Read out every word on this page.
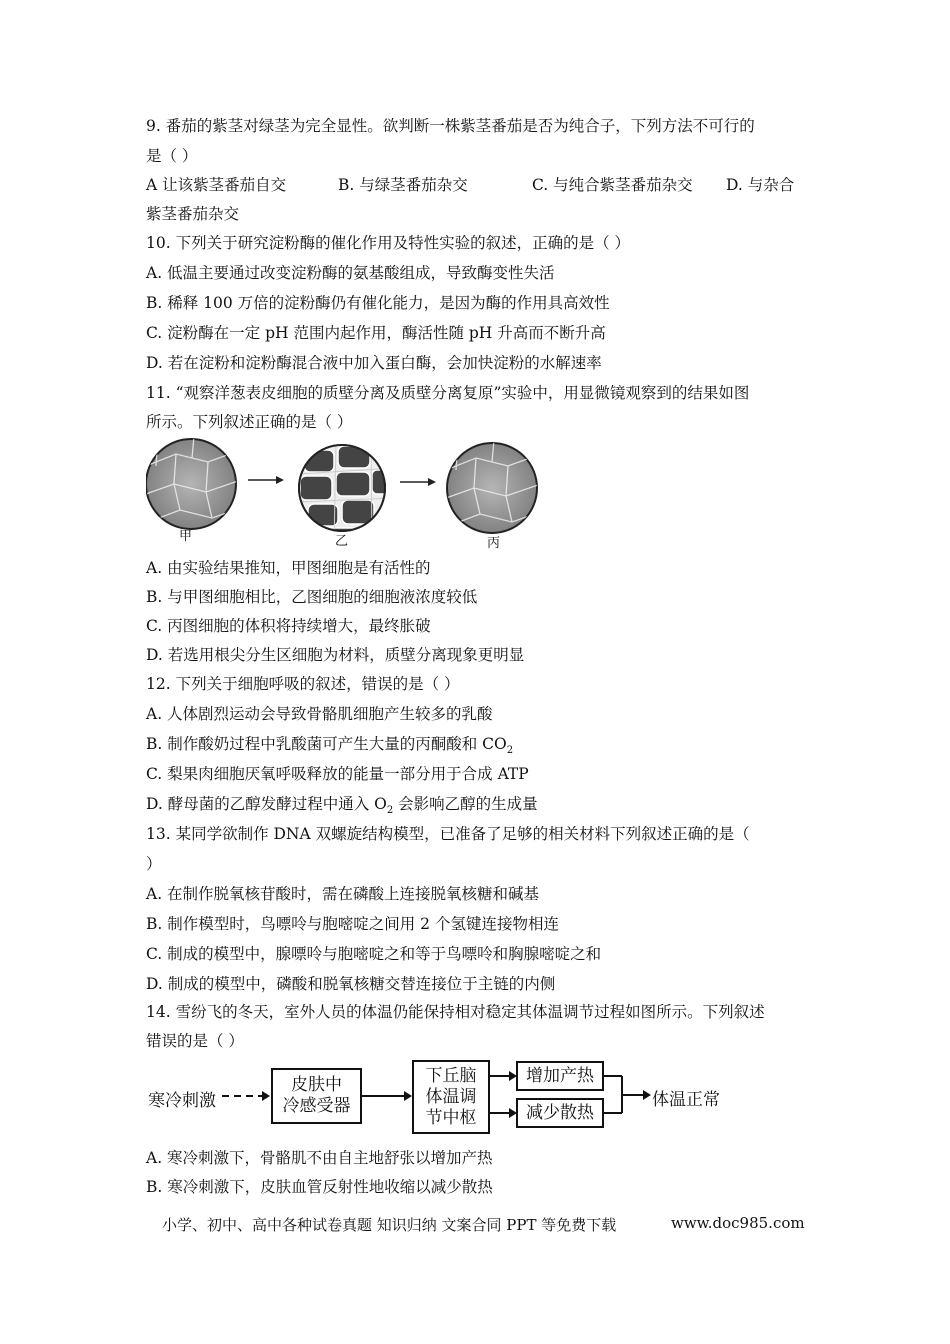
9. 番茄的紫茎对绿茎为完全显性。欲判断一株紫茎番茄是否为纯合子，下列方法不可行的
是（ ）
A 让该紫茎番茄自交	B. 与绿茎番茄杂交	C. 与纯合紫茎番茄杂交 D. 与杂合
紫茎番茄杂交
10. 下列关于研究淀粉酶的催化作用及特性实验的叙述，正确的是（ ）
A. 低温主要通过改变淀粉酶的氨基酸组成，导致酶变性失活
B. 稀释 100 万倍的淀粉酶仍有催化能力，是因为酶的作用具高效性
C. 淀粉酶在一定 pH 范围内起作用，酶活性随 pH 升高而不断升高
D. 若在淀粉和淀粉酶混合液中加入蛋白酶，会加快淀粉的水解速率
11. “观察洋葱表皮细胞的质壁分离及质壁分离复原”实验中，用显微镜观察到的结果如图
所示。下列叙述正确的是（ ）
甲	乙	丙
A. 由实验结果推知，甲图细胞是有活性的
B. 与甲图细胞相比，乙图细胞的细胞液浓度较低
C. 丙图细胞的体积将持续增大，最终胀破
D. 若选用根尖分生区细胞为材料，质壁分离现象更明显
12. 下列关于细胞呼吸的叙述，错误的是（ ）
A. 人体剧烈运动会导致骨骼肌细胞产生较多的乳酸
B. 制作酸奶过程中乳酸菌可产生大量的丙酮酸和 $CO_2$
C. 梨果肉细胞厌氧呼吸释放的能量一部分用于合成 ATP
D. 酵母菌的乙醇发酵过程中通入 $O_2$ 会影响乙醇的生成量
13. 某同学欲制作 DNA 双螺旋结构模型，已准备了足够的相关材料下列叙述正确的是（
）
A. 在制作脱氧核苷酸时，需在磷酸上连接脱氧核糖和碱基
B. 制作模型时，鸟嘌呤与胞嘧啶之间用 2 个氢键连接物相连
C. 制成的模型中，腺嘌呤与胞嘧啶之和等于鸟嘌呤和胸腺嘧啶之和
D. 制成的模型中，磷酸和脱氧核糖交替连接位于主链的内侧
14. 雪纷飞的冬天，室外人员的体温仍能保持相对稳定其体温调节过程如图所示。下列叙述
错误的是（ ）
寒冷刺激
皮肤中
冷感受器
下丘脑
体温调
节中枢
增加产热
减少散热
体温正常
A. 寒冷刺激下，骨骼肌不由自主地舒张以增加产热
B. 寒冷刺激下，皮肤血管反射性地收缩以减少散热
小学、初中、高中各种试卷真题 知识归纳 文案合同 PPT 等免费下载	www.doc985.com
